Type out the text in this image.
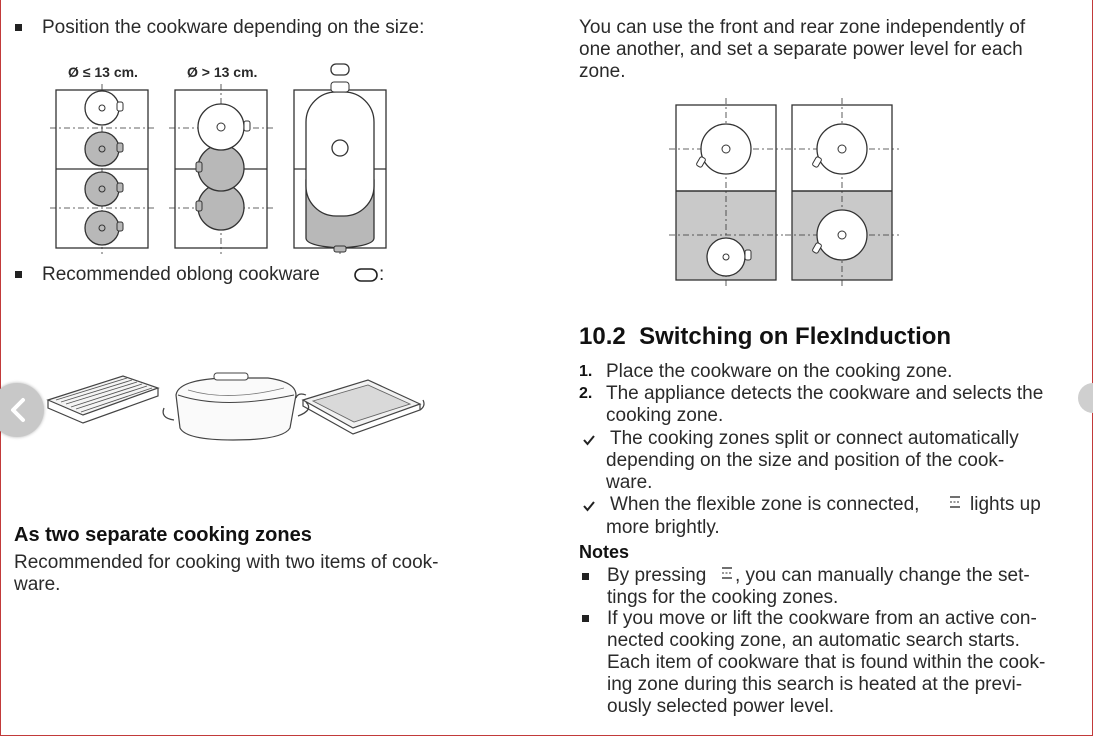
Position the cookware depending on the size:
Ø ≤ 13 cm.	Ø > 13 cm.
Recommended oblong cookware	:
As two separate cooking zones
Recommended for cooking with two items of cook-
ware.
You can use the front and rear zone independently of
one another, and set a separate power level for each
zone.
10.2 Switching on FlexInduction
1. Place the cookware on the cooking zone.
2. The appliance detects the cookware and selects the
cooking zone.
The cooking zones split or connect automatically
depending on the size and position of the cook-
ware.
When the flexible zone is connected,	lights up
more brightly.
Notes
By pressing , you can manually change the set-
tings for the cooking zones.
If you move or lift the cookware from an active con-
nected cooking zone, an automatic search starts.
Each item of cookware that is found within the cook-
ing zone during this search is heated at the previ-
ously selected power level.
